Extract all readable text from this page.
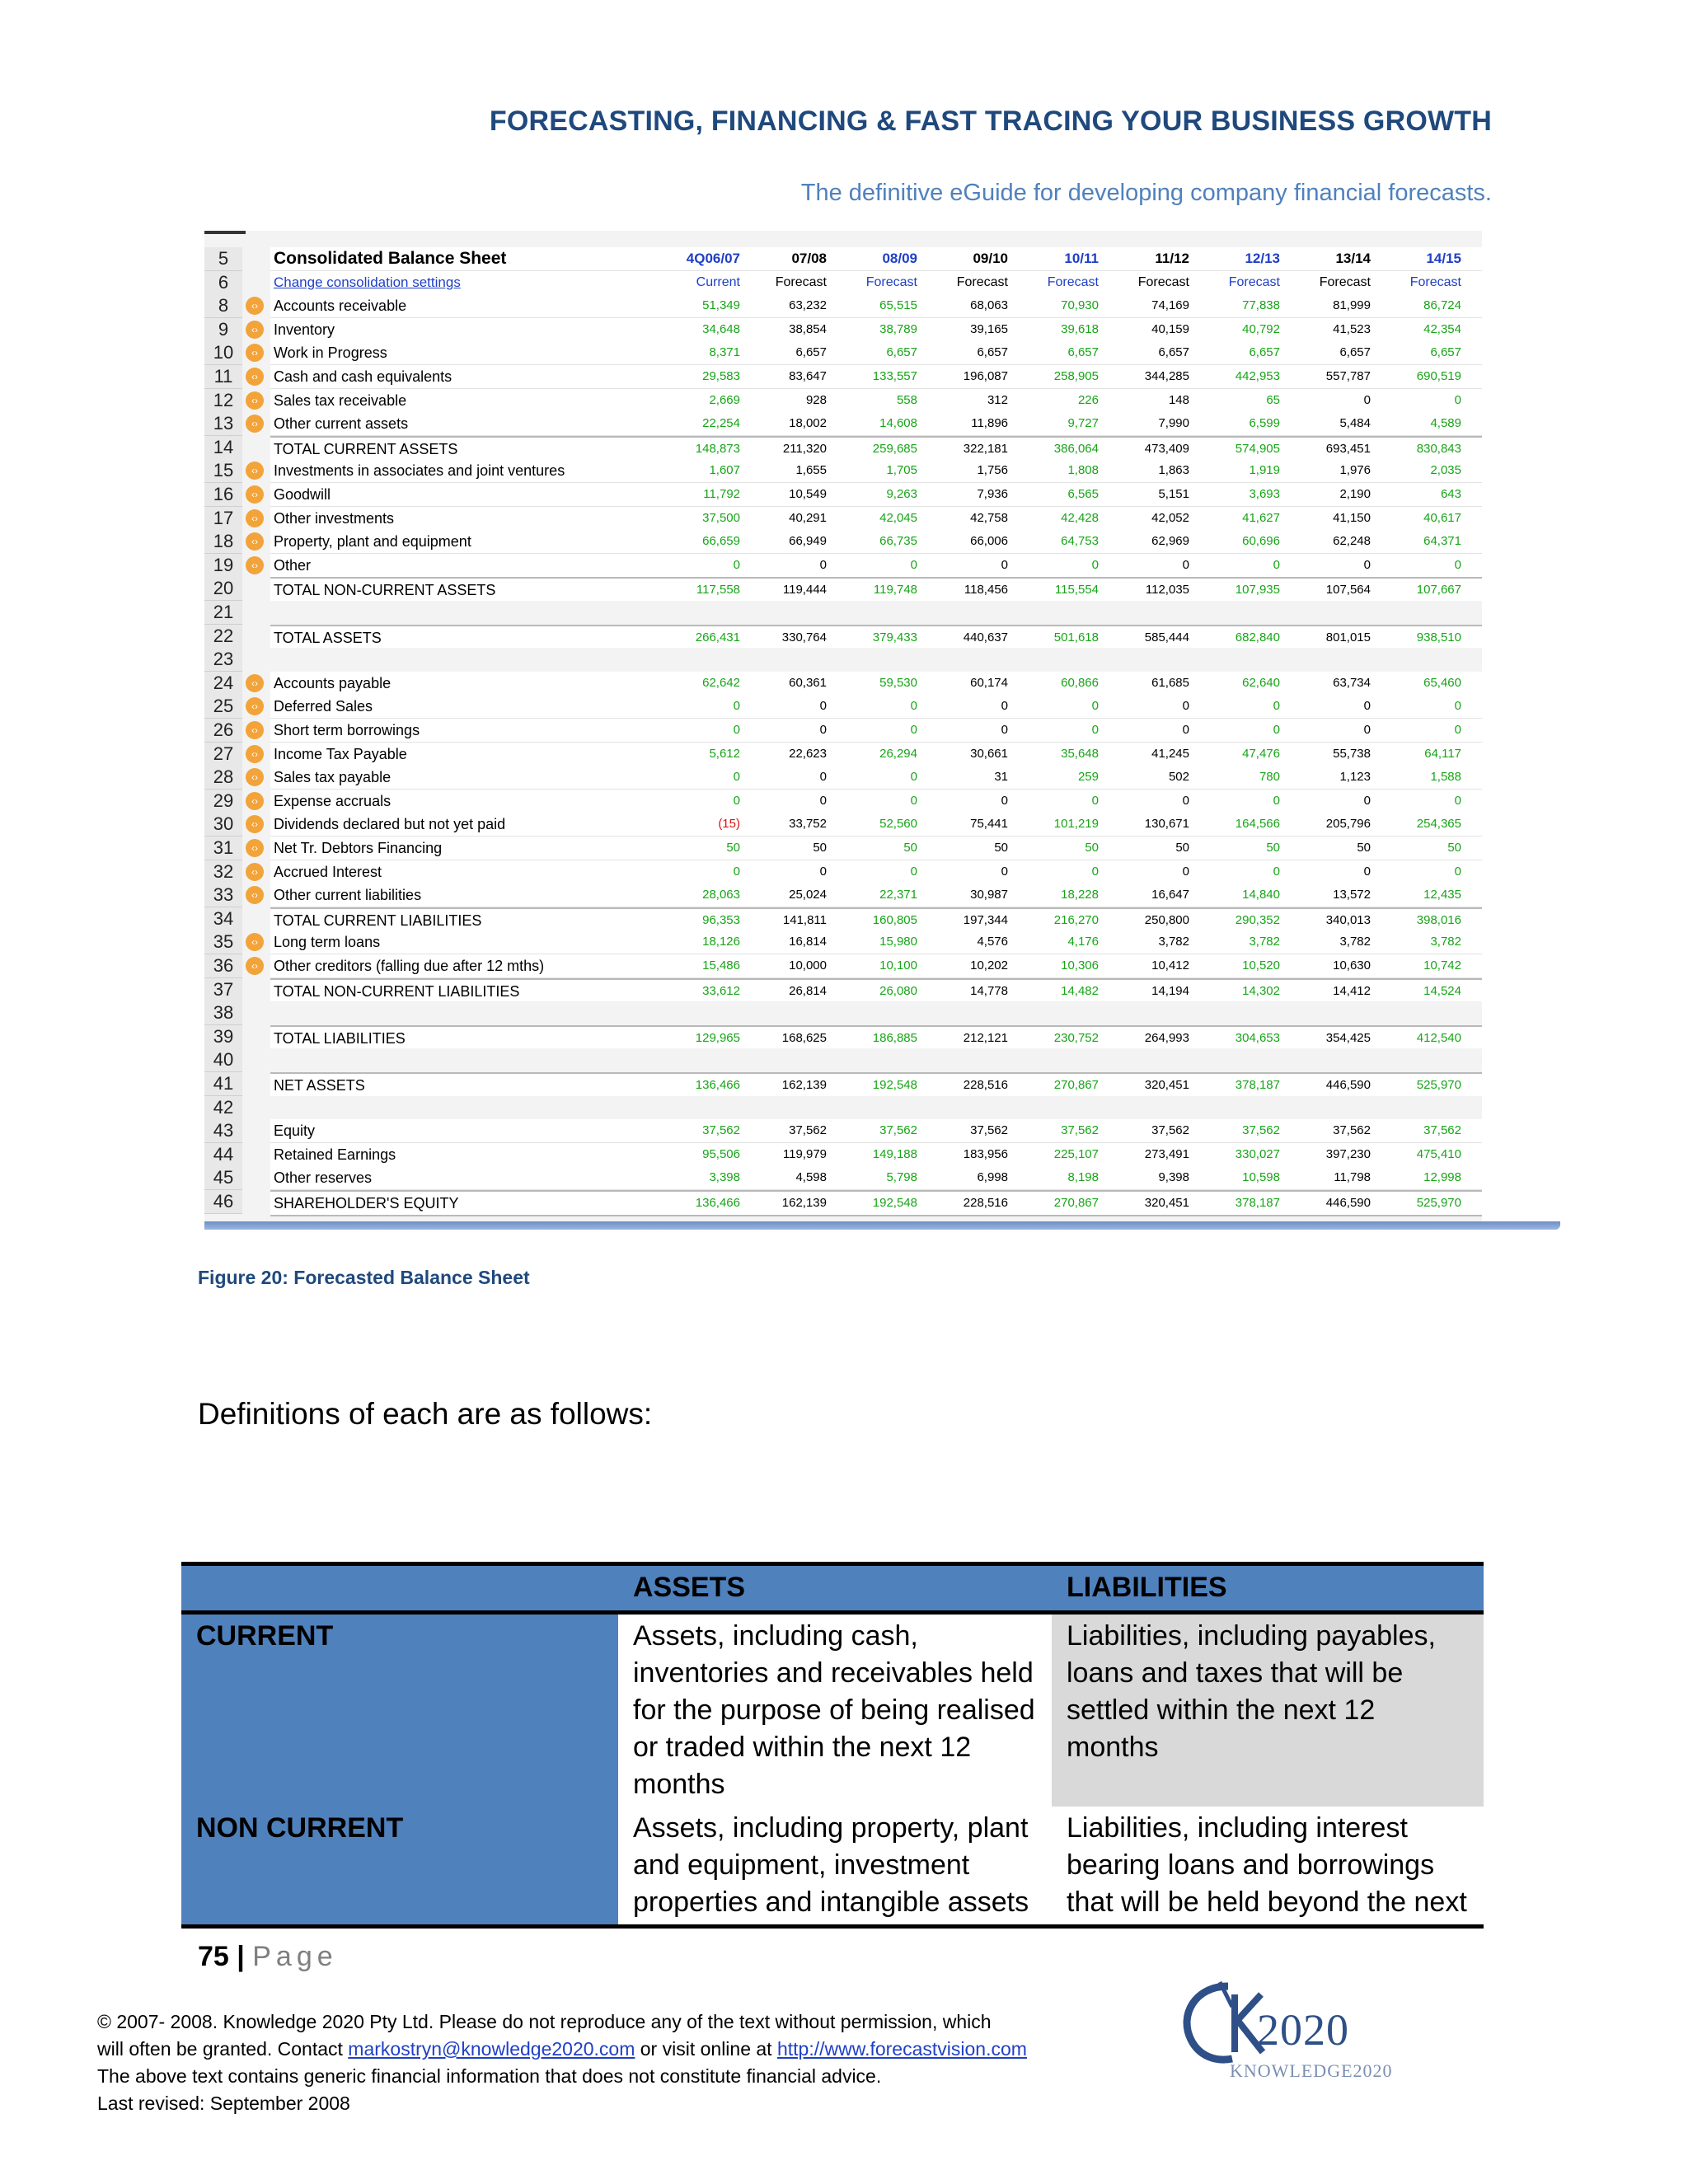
FORECASTING, FINANCING & FAST TRACING YOUR BUSINESS GROWTH
The definitive eGuide for developing company financial forecasts.
5
6
8
9
10
11
12
13
14
15
16
17
18
19
20
21
22
23
24
25
26
27
28
29
30
31
32
33
34
35
36
37
38
39
40
41
42
43
44
45
46
Consolidated Balance Sheet	4Q06/07	07/08	08/09	09/10	10/11	11/12	12/13	13/14	14/15
Change consolidation settings	Current	Forecast	Forecast	Forecast	Forecast	Forecast	Forecast	Forecast	Forecast
‹›	Accounts receivable	51,349	63,232	65,515	68,063	70,930	74,169	77,838	81,999	86,724
‹›	Inventory	34,648	38,854	38,789	39,165	39,618	40,159	40,792	41,523	42,354
‹›	Work in Progress	8,371	6,657	6,657	6,657	6,657	6,657	6,657	6,657	6,657
‹›	Cash and cash equivalents	29,583	83,647	133,557	196,087	258,905	344,285	442,953	557,787	690,519
‹›	Sales tax receivable	2,669	928	558	312	226	148	65	0	0
‹›	Other current assets	22,254	18,002	14,608	11,896	9,727	7,990	6,599	5,484	4,589
TOTAL CURRENT ASSETS	148,873	211,320	259,685	322,181	386,064	473,409	574,905	693,451	830,843
‹›	Investments in associates and joint ventures	1,607	1,655	1,705	1,756	1,808	1,863	1,919	1,976	2,035
‹›	Goodwill	11,792	10,549	9,263	7,936	6,565	5,151	3,693	2,190	643
‹›	Other investments	37,500	40,291	42,045	42,758	42,428	42,052	41,627	41,150	40,617
‹›	Property, plant and equipment	66,659	66,949	66,735	66,006	64,753	62,969	60,696	62,248	64,371
‹›	Other	0	0	0	0	0	0	0	0	0
TOTAL NON-CURRENT ASSETS	117,558	119,444	119,748	118,456	115,554	112,035	107,935	107,564	107,667
TOTAL ASSETS	266,431	330,764	379,433	440,637	501,618	585,444	682,840	801,015	938,510
‹›	Accounts payable	62,642	60,361	59,530	60,174	60,866	61,685	62,640	63,734	65,460
‹›	Deferred Sales	0	0	0	0	0	0	0	0	0
‹›	Short term borrowings	0	0	0	0	0	0	0	0	0
‹›	Income Tax Payable	5,612	22,623	26,294	30,661	35,648	41,245	47,476	55,738	64,117
‹›	Sales tax payable	0	0	0	31	259	502	780	1,123	1,588
‹›	Expense accruals	0	0	0	0	0	0	0	0	0
‹›	Dividends declared but not yet paid	(15)	33,752	52,560	75,441	101,219	130,671	164,566	205,796	254,365
‹›	Net Tr. Debtors Financing	50	50	50	50	50	50	50	50	50
‹›	Accrued Interest	0	0	0	0	0	0	0	0	0
‹›	Other current liabilities	28,063	25,024	22,371	30,987	18,228	16,647	14,840	13,572	12,435
TOTAL CURRENT LIABILITIES	96,353	141,811	160,805	197,344	216,270	250,800	290,352	340,013	398,016
‹›	Long term loans	18,126	16,814	15,980	4,576	4,176	3,782	3,782	3,782	3,782
‹›	Other creditors (falling due after 12 mths)	15,486	10,000	10,100	10,202	10,306	10,412	10,520	10,630	10,742
TOTAL NON-CURRENT LIABILITIES	33,612	26,814	26,080	14,778	14,482	14,194	14,302	14,412	14,524
TOTAL LIABILITIES	129,965	168,625	186,885	212,121	230,752	264,993	304,653	354,425	412,540
NET ASSETS	136,466	162,139	192,548	228,516	270,867	320,451	378,187	446,590	525,970
Equity	37,562	37,562	37,562	37,562	37,562	37,562	37,562	37,562	37,562
Retained Earnings	95,506	119,979	149,188	183,956	225,107	273,491	330,027	397,230	475,410
Other reserves	3,398	4,598	5,798	6,998	8,198	9,398	10,598	11,798	12,998
SHAREHOLDER'S EQUITY	136,466	162,139	192,548	228,516	270,867	320,451	378,187	446,590	525,970
Figure 20: Forecasted Balance Sheet
Definitions of each are as follows:
	ASSETS	LIABILITIES
CURRENT	Assets, including cash, inventories and receivables held for the purpose of being realised or traded within the next 12 months	Liabilities, including payables, loans and taxes that will be settled within the next 12 months
NON CURRENT	Assets, including property, plant and equipment, investment properties and intangible assets	Liabilities, including interest bearing loans and borrowings that will be held beyond the next
75 | Page
© 2007- 2008. Knowledge 2020 Pty Ltd. Please do not reproduce any of the text without permission, which
will often be granted. Contact markostryn@knowledge2020.com or visit online at http://www.forecastvision.com
The above text contains generic financial information that does not constitute financial advice.
Last revised: September 2008
2020
KNOWLEDGE2020
